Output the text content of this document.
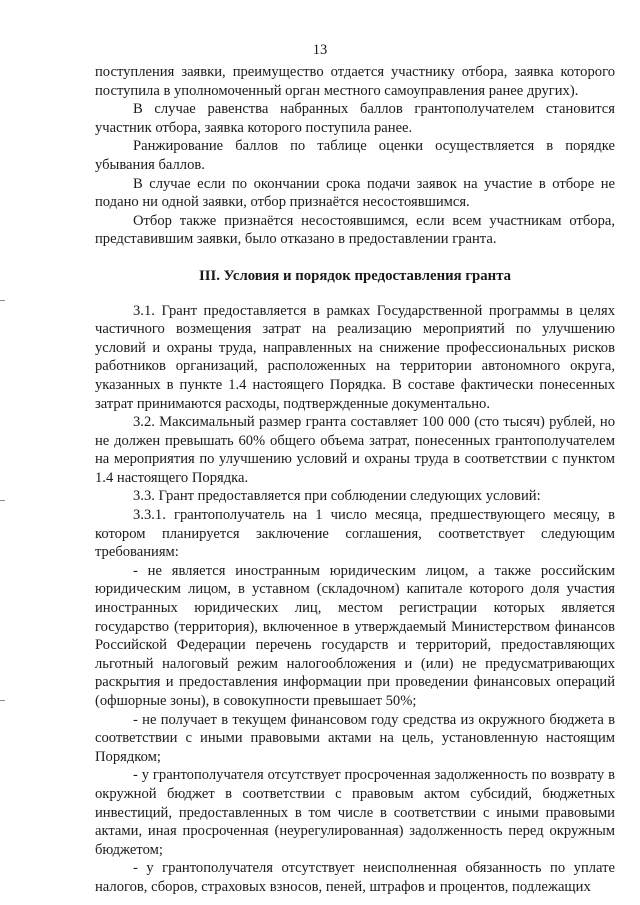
13

поступления заявки, преимущество отдается участнику отбора, заявка которого поступила в уполномоченный орган местного самоуправления ранее других).

В случае равенства набранных баллов грантополучателем становится участник отбора, заявка которого поступила ранее.

Ранжирование баллов по таблице оценки осуществляется в порядке убывания баллов.

В случае если по окончании срока подачи заявок на участие в отборе не подано ни одной заявки, отбор признаётся несостоявшимся.

Отбор также признаётся несостоявшимся, если всем участникам отбора, представившим заявки, было отказано в предоставлении гранта.

III. Условия и порядок предоставления гранта

3.1. Грант предоставляется в рамках Государственной программы в целях частичного возмещения затрат на реализацию мероприятий по улучшению условий и охраны труда, направленных на снижение профессиональных рисков работников организаций, расположенных на территории автономного округа, указанных в пункте 1.4 настоящего Порядка. В составе фактически понесенных затрат принимаются расходы, подтвержденные документально.

3.2. Максимальный размер гранта составляет 100 000 (сто тысяч) рублей, но не должен превышать 60% общего объема затрат, понесенных грантополучателем на мероприятия по улучшению условий и охраны труда в соответствии с пунктом 1.4 настоящего Порядка.

3.3. Грант предоставляется при соблюдении следующих условий:

3.3.1. грантополучатель на 1 число месяца, предшествующего месяцу, в котором планируется заключение соглашения, соответствует следующим требованиям:

- не является иностранным юридическим лицом, а также российским юридическим лицом, в уставном (складочном) капитале которого доля участия иностранных юридических лиц, местом регистрации которых является государство (территория), включенное в утверждаемый Министерством финансов Российской Федерации перечень государств и территорий, предоставляющих льготный налоговый режим налогообложения и (или) не предусматривающих раскрытия и предоставления информации при проведении финансовых операций (офшорные зоны), в совокупности превышает 50%;

- не получает в текущем финансовом году средства из окружного бюджета в соответствии с иными правовыми актами на цель, установленную настоящим Порядком;

- у грантополучателя отсутствует просроченная задолженность по возврату в окружной бюджет в соответствии с правовым актом субсидий, бюджетных инвестиций, предоставленных в том числе в соответствии с иными правовыми актами, иная просроченная (неурегулированная) задолженность перед окружным бюджетом;

- у грантополучателя отсутствует неисполненная обязанность по уплате налогов, сборов, страховых взносов, пеней, штрафов и процентов, подлежащих
